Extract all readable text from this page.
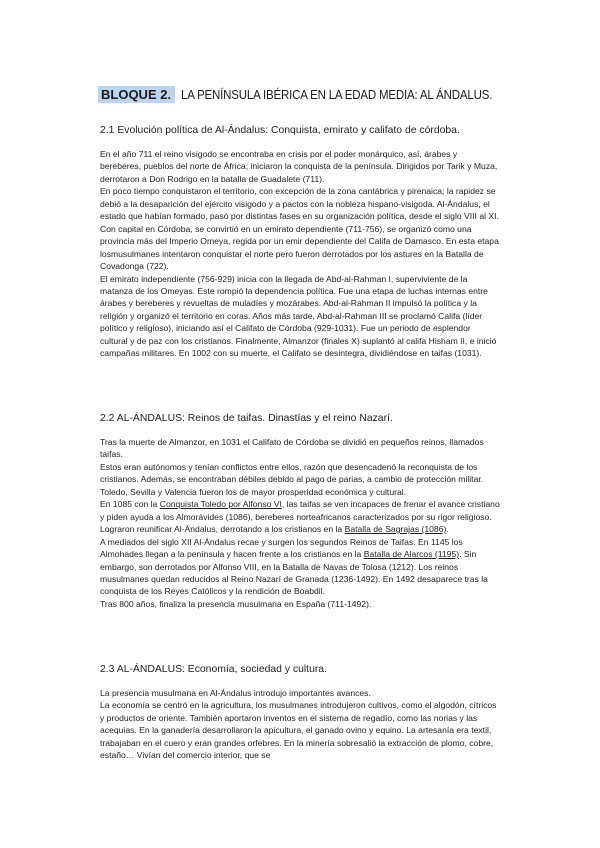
BLOQUE 2. LA PENÍNSULA IBÉRICA EN LA EDAD MEDIA: AL ÁNDALUS.
2.1 Evolución política de Al-Ándalus: Conquista, emirato y califato de córdoba.

En el año 711 el reino visigodo se encontraba en crisis por el poder monárquico, así, árabes y bereberes, pueblos del norte de África; iniciaron la conquista de la península. Dirigidos por Tarik y Muza, derrotaron a Don Rodrigo en la batalla de Guadalete (711).

En poco tiempo conquistaron el territorio, con excepción de la zona cantábrica y pirenaica; la rapidez se debió a la desaparición del ejército visigodo y a pactos con la nobleza hispano-visigoda. Al-Ándalus, el estado que habían formado, pasó por distintas fases en su organización política, desde el siglo VIII al XI.

Con capital en Córdoba, se convirtió en un emirato dependiente (711-756), se organizó como una provincia más del Imperio Omeya, regida por un emir dependiente del Califa de Damasco. En esta etapa losmusulmanes intentaron conquistar el norte pero fueron derrotados por los astures en la Batalla de Covadonga (722).

El emirato independiente (756-929) inicia con la llegada de Abd-al-Rahman I, superviviente de la matanza de los Omeyas. Este rompió la dependencia política. Fue una etapa de luchas internas entre árabes y bereberes y revueltas de muladíes y mozárabes. Abd-al-Rahman II impulsó la política y la religión y organizó el territorio en coras. Años más tarde, Abd-al-Rahman III se proclamó Califa (líder político y religioso), iniciando así el Califato de Córdoba (929-1031). Fue un periodo de esplendor cultural y de paz con los cristianos. Finalmente, Almanzor (finales X) suplantó al califa Hisham II, e inició campañas militares. En 1002 con su muerte, el Califato se desintegra, dividiéndose en taifas (1031).

2.2 AL-ÁNDALUS: Reinos de taifas. Dinastías y el reino Nazarí.

Tras la muerte de Almanzor, en 1031 el Califato de Córdoba se dividió en pequeños reinos, llamados taifas.

Estos eran autónomos y tenían conflictos entre ellos, razón que desencadenó la reconquista de los cristianos. Además, se encontraban débiles debido al pago de parias, a cambio de protección militar. Toledo, Sevilla y Valencia fueron los de mayor prosperidad económica y cultural.

En 1085 con la Conquista Toledo por Alfonso VI, las taifas se ven incapaces de frenar el avance cristiano y piden ayuda a los Almorávides (1086), bereberes norteafricanos caracterizados por su rigor religioso. Lograron reunificar Al-Ándalus, derrotando a los cristianos en la Batalla de Sagrajas (1086).

A mediados del siglo XII Al-Ándalus recae y surgen los segundos Reinos de Taifas. En 1145 los Almohades llegan a la península y hacen frente a los cristianos en la Batalla de Alarcos (1195). Sin embargo, son derrotados por Alfonso VIII, en la Batalla de Navas de Tolosa (1212). Los reinos musulmanes quedan reducidos al Reino Nazarí de Granada (1236-1492). En 1492 desaparece tras la conquista de los Reyes Católicos y la rendición de Boabdil.

Tras 800 años, finaliza la presencia musulmana en España (711-1492).

2.3 AL-ÁNDALUS: Economía, sociedad y cultura.

La presencia musulmana en Al-Ándalus introdujo importantes avances.

La economía se centró en la agricultura, los musulmanes introdujeron cultivos, como el algodón, cítricos y productos de oriente. También aportaron inventos en el sistema de regadío, como las norias y las acequias. En la ganadería desarrollaron la apicultura, el ganado ovino y equino. La artesanía era textil, trabajaban en el cuero y eran grandes orfebres. En la minería sobresalió la extracción de plomo, cobre, estaño… Vivían del comercio interior, que se
